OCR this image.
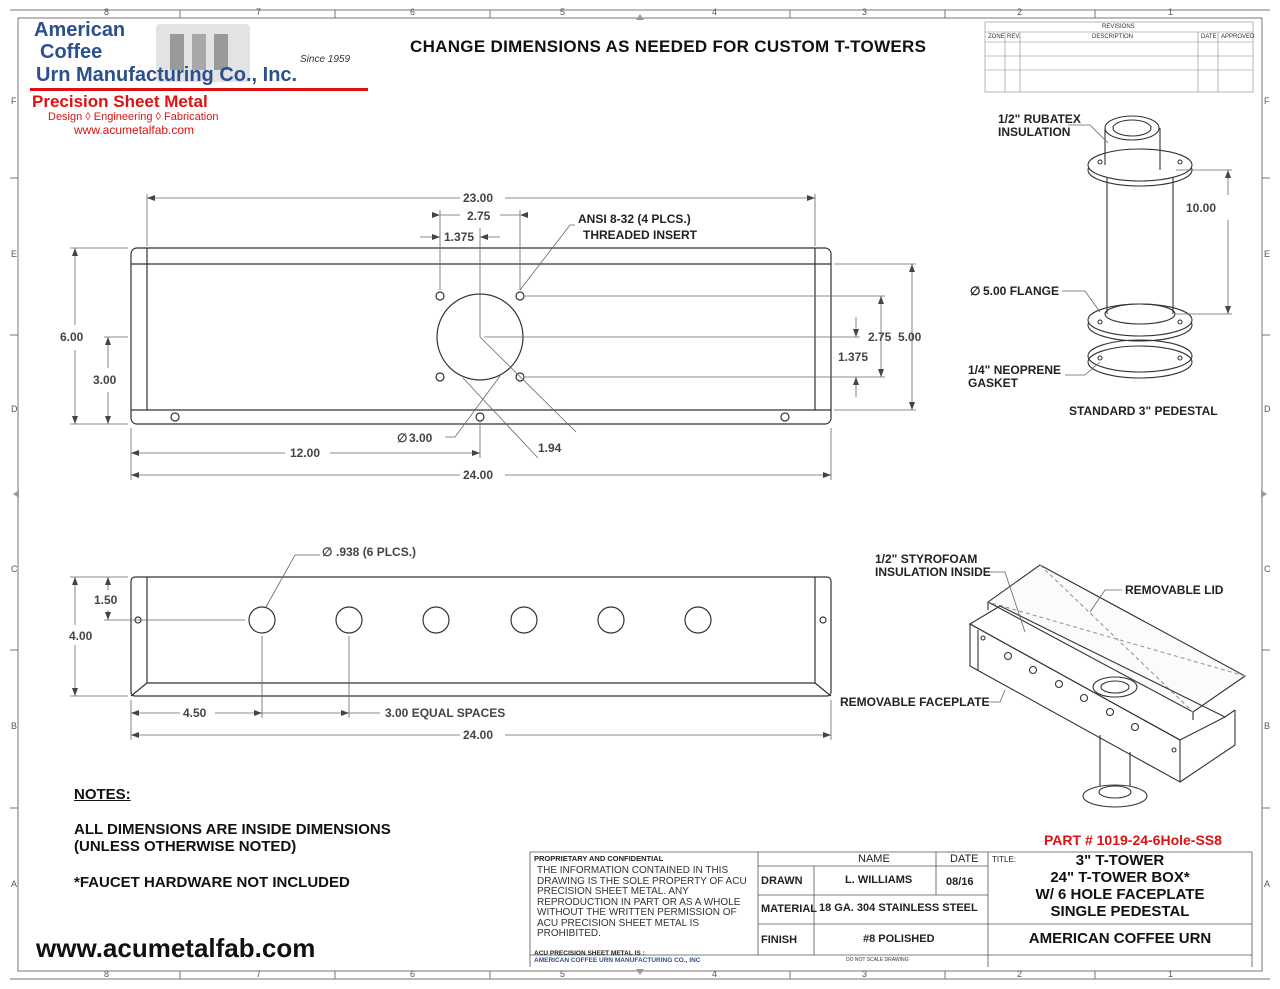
8	7	6	5	4	3	2	1
8	7	6	5	4	3	2	1
F
E
D
C
B
A
F
E
D
C
B
A
23.00
2.75
1.375
ANSI 8-32 (4 PLCS.)
THREADED INSERT
6.00
3.00
2.75 5.00
1.375
∅ 3.00
1.94
12.00
24.00
∅ .938 (6 PLCS.)
1.50
4.00
4.50	3.00 EQUAL SPACES
24.00
1/2" RUBATEX
INSULATION
10.00
∅ 5.00 FLANGE
1/4" NEOPRENE
GASKET
STANDARD 3" PEDESTAL
1/2" STYROFOAM
INSULATION INSIDE
REMOVABLE LID
REMOVABLE FACEPLATE
American
Coffee
Urn Manufacturing Co., Inc.
Since 1959
Precision Sheet Metal
Design ◊ Engineering ◊ Fabrication
www.acumetalfab.com
CHANGE DIMENSIONS AS NEEDED FOR CUSTOM T-TOWERS
REVISIONS
ZONE REV.	DESCRIPTION	DATE APPROVED
NOTES:
ALL DIMENSIONS ARE INSIDE DIMENSIONS
(UNLESS OTHERWISE NOTED)
*FAUCET HARDWARE NOT INCLUDED
www.acumetalfab.com
PART # 1019-24-6Hole-SS8
PROPRIETARY AND CONFIDENTIAL
THE INFORMATION CONTAINED IN THIS DRAWING IS THE SOLE PROPERTY OF ACU PRECISION SHEET METAL. ANY REPRODUCTION IN PART OR AS A WHOLE WITHOUT THE WRITTEN PERMISSION OF ACU PRECISION SHEET METAL IS PROHIBITED.
ACU PRECISION SHEET METAL IS :
AMERICAN COFFEE URN MANUFACTURING CO., INC
NAME	DATE TITLE:
DRAWN	L. WILLIAMS	08/16
MATERIAL 18 GA. 304 STAINLESS STEEL
FINISH	#8 POLISHED
3" T-TOWER
24" T-TOWER BOX*
W/ 6 HOLE FACEPLATE
SINGLE PEDESTAL
AMERICAN COFFEE URN
DO NOT SCALE DRAWING
